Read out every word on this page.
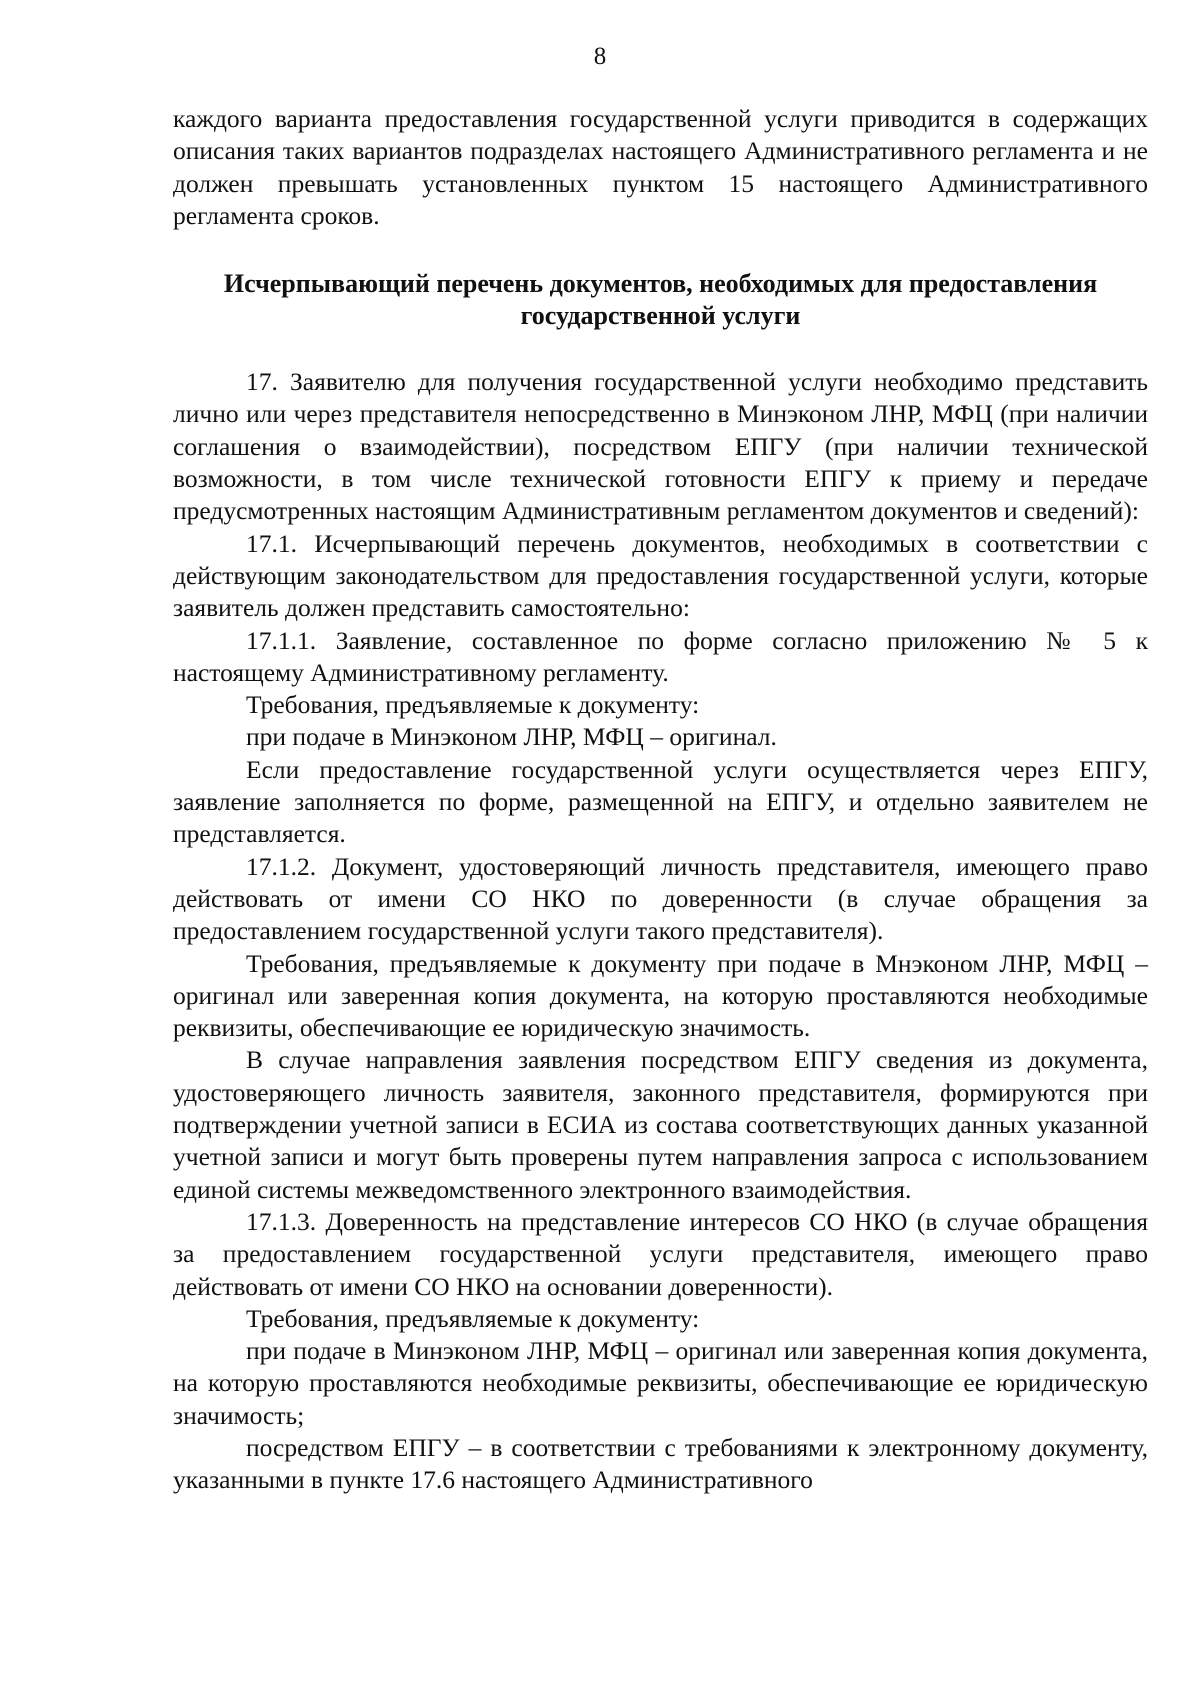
8

каждого варианта предоставления государственной услуги приводится в содержащих описания таких вариантов подразделах настоящего Административного регламента и не должен превышать установленных пунктом 15 настоящего Административного регламента сроков.

Исчерпывающий перечень документов, необходимых для предоставления
государственной услуги

17. Заявителю для получения государственной услуги необходимо представить лично или через представителя непосредственно в Минэконом ЛНР, МФЦ (при наличии соглашения о взаимодействии), посредством ЕПГУ (при наличии технической возможности, в том числе технической готовности ЕПГУ к приему и передаче предусмотренных настоящим Административным регламентом документов и сведений):

17.1. Исчерпывающий перечень документов, необходимых в соответствии с действующим законодательством для предоставления государственной услуги, которые заявитель должен представить самостоятельно:

17.1.1. Заявление, составленное по форме согласно приложению № 5 к настоящему Административному регламенту.

Требования, предъявляемые к документу:

при подаче в Минэконом ЛНР, МФЦ – оригинал.

Если предоставление государственной услуги осуществляется через ЕПГУ, заявление заполняется по форме, размещенной на ЕПГУ, и отдельно заявителем не представляется.

17.1.2. Документ, удостоверяющий личность представителя, имеющего право действовать от имени СО НКО по доверенности (в случае обращения за предоставлением государственной услуги такого представителя).

Требования, предъявляемые к документу при подаче в Мнэконом ЛНР, МФЦ – оригинал или заверенная копия документа, на которую проставляются необходимые реквизиты, обеспечивающие ее юридическую значимость.

В случае направления заявления посредством ЕПГУ сведения из документа, удостоверяющего личность заявителя, законного представителя, формируются при подтверждении учетной записи в ЕСИА из состава соответствующих данных указанной учетной записи и могут быть проверены путем направления запроса с использованием единой системы межведомственного электронного взаимодействия.

17.1.3. Доверенность на представление интересов СО НКО (в случае обращения за предоставлением государственной услуги представителя, имеющего право действовать от имени СО НКО на основании доверенности).

Требования, предъявляемые к документу:

при подаче в Минэконом ЛНР, МФЦ – оригинал или заверенная копия документа, на которую проставляются необходимые реквизиты, обеспечивающие ее юридическую значимость;

посредством ЕПГУ – в соответствии с требованиями к электронному документу, указанными в пункте 17.6 настоящего Административного
